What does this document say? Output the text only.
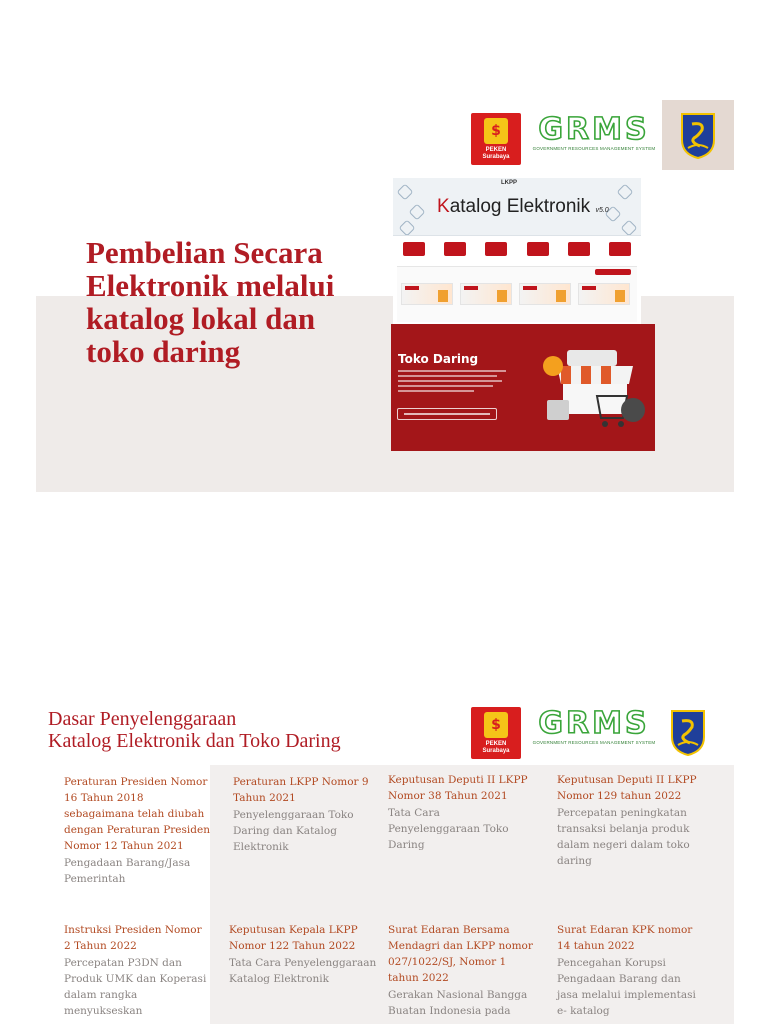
Pembelian Secara Elektronik melalui katalog lokal dan toko daring
$
PEKEN
Surabaya
GRMS
GOVERNMENT RESOURCES MANAGEMENT SYSTEM
LKPP
Katalog Elektronik v5.0
Toko Daring
Dasar Penyelenggaraan
Katalog Elektronik dan Toko Daring
$
PEKEN
Surabaya
GRMS
GOVERNMENT RESOURCES MANAGEMENT SYSTEM
Peraturan Presiden Nomor 16 Tahun 2018 sebagaimana telah diubah dengan Peraturan Presiden Nomor 12 Tahun 2021
Pengadaan Barang/Jasa Pemerintah
Peraturan LKPP Nomor 9 Tahun 2021
Penyelenggaraan Toko Daring dan Katalog Elektronik
Keputusan Deputi II LKPP Nomor 38 Tahun 2021
Tata Cara Penyelenggaraan Toko Daring
Keputusan Deputi II LKPP Nomor 129 tahun 2022
Percepatan peningkatan transaksi belanja produk dalam negeri dalam toko daring
Instruksi Presiden Nomor 2 Tahun 2022
Percepatan P3DN dan Produk UMK dan Koperasi dalam rangka menyukseskan
Keputusan Kepala LKPP Nomor 122 Tahun 2022
Tata Cara Penyelenggaraan Katalog Elektronik
Surat Edaran Bersama Mendagri dan LKPP nomor 027/1022/SJ, Nomor 1 tahun 2022
Gerakan Nasional Bangga Buatan Indonesia pada
Surat Edaran KPK nomor 14 tahun 2022
Pencegahan Korupsi Pengadaan Barang dan jasa melalui implementasi e- katalog
